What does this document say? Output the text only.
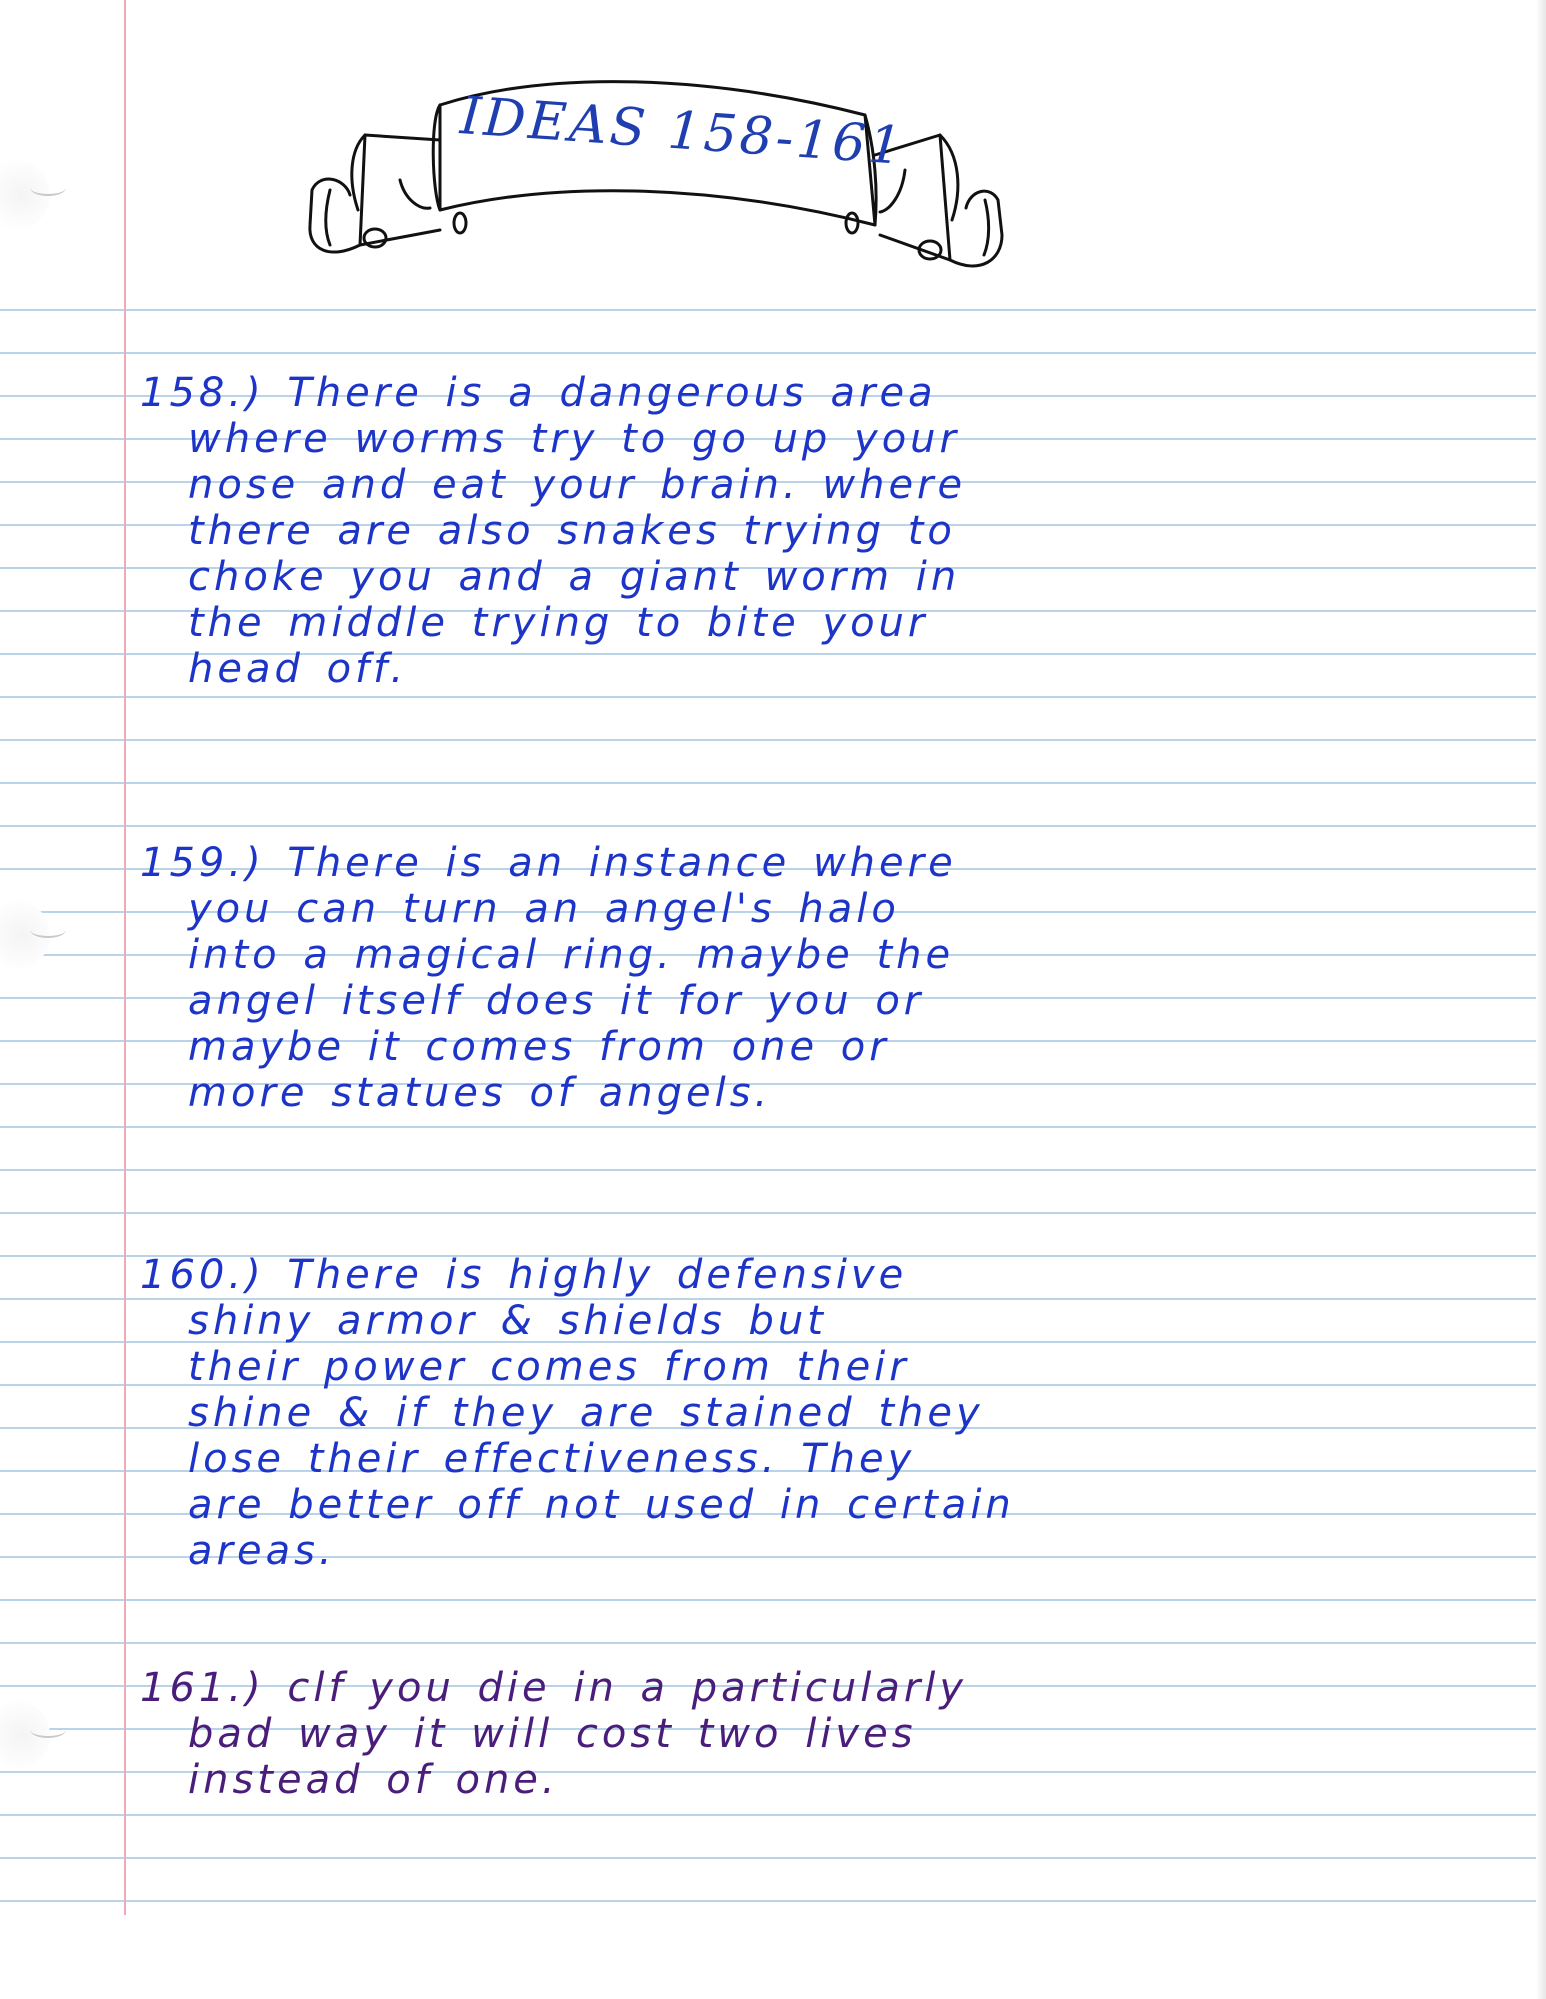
IDEAS 158-161
158.) There is a dangerous area
where worms try to go up your
nose and eat your brain. where
there are also snakes trying to
choke you and a giant worm in
the middle trying to bite your
head off.
159.) There is an instance where
you can turn an angel's halo
into a magical ring. maybe the
angel itself does it for you or
maybe it comes from one or
more statues of angels.
160.) There is highly defensive
shiny armor & shields but
their power comes from their
shine & if they are stained they
lose their effectiveness. They
are better off not used in certain
areas.
161.) clf you die in a particularly
bad way it will cost two lives
instead of one.
